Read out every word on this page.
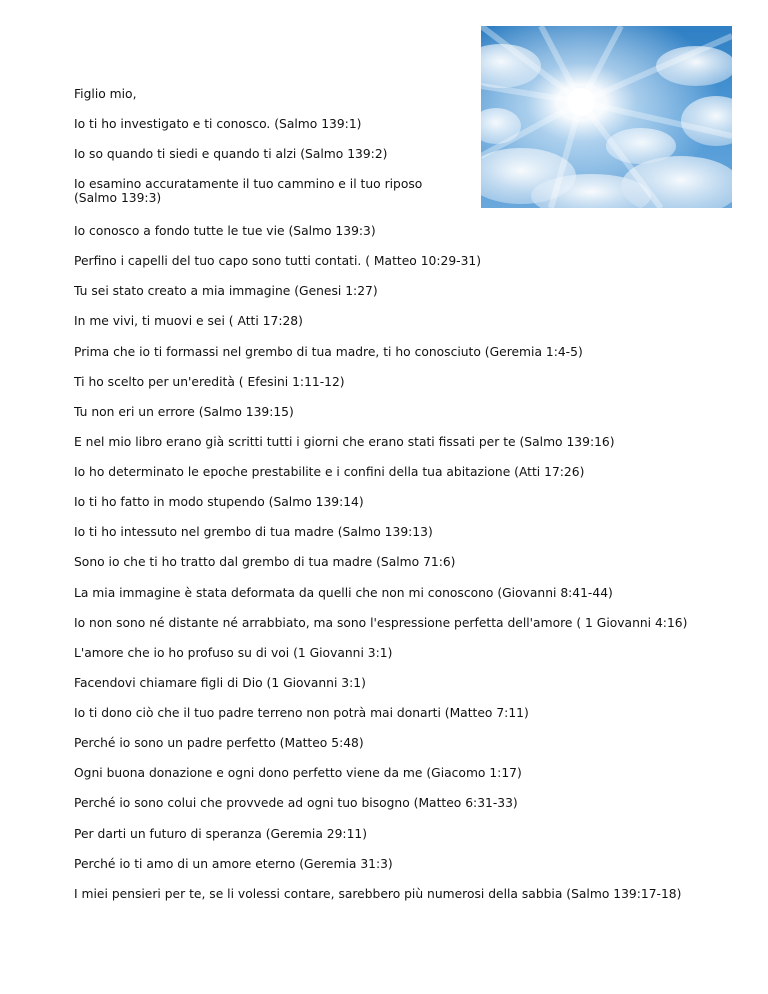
Figlio mio,

Io ti ho investigato e ti conosco. (Salmo 139:1)

Io so quando ti siedi e quando ti alzi (Salmo 139:2)

Io esamino accuratamente il tuo cammino e il tuo riposo (Salmo 139:3)

Io conosco a fondo tutte le tue vie (Salmo 139:3)

Perfino i capelli del tuo capo sono tutti contati. ( Matteo 10:29-31)

Tu sei stato creato a mia immagine (Genesi 1:27)

In me vivi, ti muovi e sei ( Atti 17:28)

Prima che io ti formassi nel grembo di tua madre, ti ho conosciuto (Geremia 1:4-5)

Ti ho scelto per un'eredità ( Efesini 1:11-12)

Tu non eri un errore (Salmo 139:15)

E nel mio libro erano già scritti tutti i giorni che erano stati fissati per te (Salmo 139:16)

Io ho determinato le epoche prestabilite e i confini della tua abitazione (Atti 17:26)

Io ti ho fatto in modo stupendo (Salmo 139:14)

Io ti ho intessuto nel grembo di tua madre (Salmo 139:13)

Sono io che ti ho tratto dal grembo di tua madre (Salmo 71:6)

La mia immagine è stata deformata da quelli che non mi conoscono (Giovanni 8:41-44)

Io non sono né distante né arrabbiato, ma sono l'espressione perfetta dell'amore ( 1 Giovanni 4:16)

L'amore che io ho profuso su di voi (1 Giovanni 3:1)

Facendovi chiamare figli di Dio (1 Giovanni 3:1)

Io ti dono ciò che il tuo padre terreno non potrà mai donarti (Matteo 7:11)

Perché io sono un padre perfetto (Matteo 5:48)

Ogni buona donazione e ogni dono perfetto viene da me (Giacomo 1:17)

Perché io sono colui che provvede ad ogni tuo bisogno (Matteo 6:31-33)

Per darti un futuro di speranza (Geremia 29:11)

Perché io ti amo di un amore eterno (Geremia 31:3)

I miei pensieri per te, se li volessi contare, sarebbero più numerosi della sabbia (Salmo 139:17-18)
